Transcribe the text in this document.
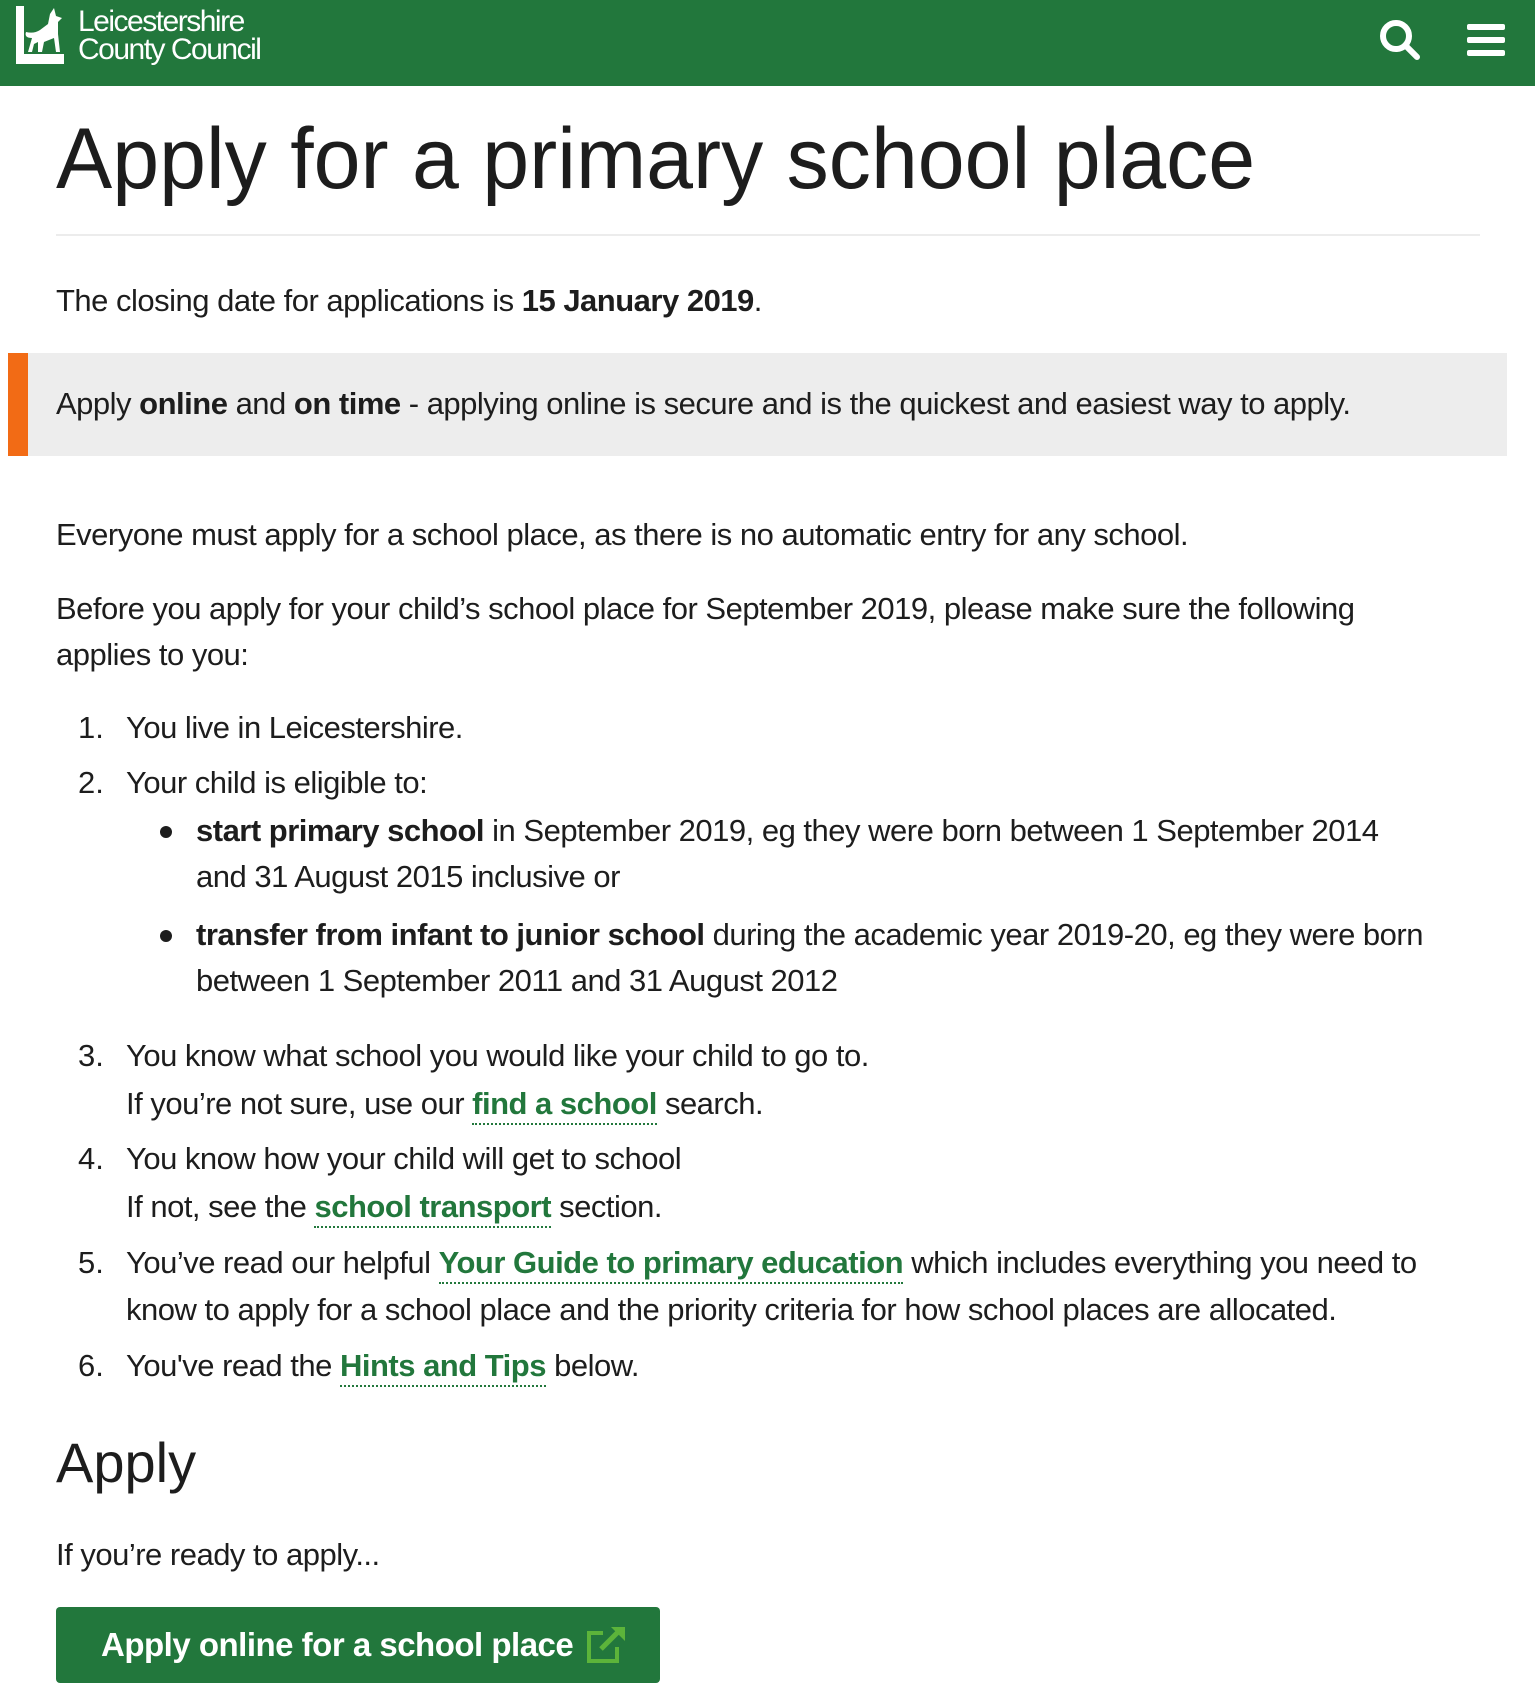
Leicestershire
County Council
Apply for a primary school place
The closing date for applications is 15 January 2019.
Apply online and on time - applying online is secure and is the quickest and easiest way to apply.
Everyone must apply for a school place, as there is no automatic entry for any school.
Before you apply for your child’s school place for September 2019, please make sure the following
applies to you:
1. You live in Leicestershire.
2. Your child is eligible to:
start primary school in September 2019, eg they were born between 1 September 2014
and 31 August 2015 inclusive or
transfer from infant to junior school during the academic year 2019-20, eg they were born
between 1 September 2011 and 31 August 2012
3. You know what school you would like your child to go to.
If you’re not sure, use our find a school search.
4. You know how your child will get to school
If not, see the school transport section.
5. You’ve read our helpful Your Guide to primary education which includes everything you need to
know to apply for a school place and the priority criteria for how school places are allocated.
6. You've read the Hints and Tips below.
Apply
If you’re ready to apply...
Apply online for a school place
